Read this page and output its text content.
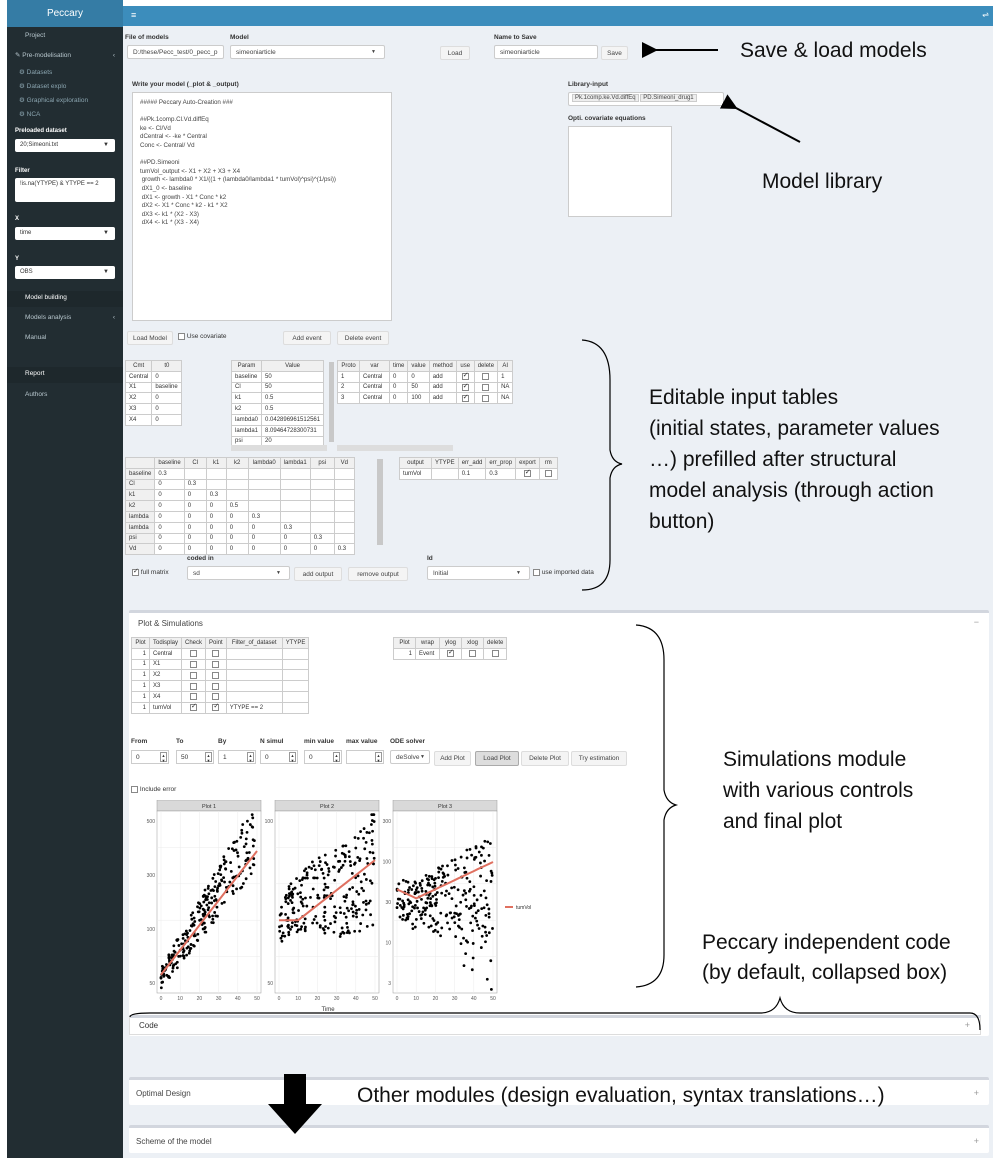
Project
✎ Pre-modelisation	‹
⚙ Datasets
⚙ Dataset explo
⚙ Graphical exploration
⚙ NCA
Preloaded dataset
20;Simeoni.txt	▼
Filter
!is.na(YTYPE) & YTYPE == 2
X
time	▼
Y
OBS	▼
Model building
Models analysis	‹
Manual
Report
Authors
Peccary	≡	⇌
File of models
D:/these/Pecc_test/0_pecc_p
Model
simeoniarticle	▼	Load
Name to Save
simeoniarticle	Save
Write your model (_plot & _output)
##### Peccary Auto-Creation ###

##Pk.1comp.Cl.Vd.diffEq
ke <- Cl/Vd
dCentral <- -ke * Central
Conc <- Central/ Vd

##PD.Simeoni
tumVol_output <- X1 + X2 + X3 + X4
growth <- lambda0 * X1/((1 + (lambda0/lambda1 * tumVol)^psi)^(1/psi))
dX1_0 <- baseline
dX1 <- growth - X1 * Conc * k2
dX2 <- X1 * Conc * k2 - k1 * X2
dX3 <- k1 * (X2 - X3)
dX4 <- k1 * (X3 - X4)
Library-input
Pk.1comp.ke.Vd.diffEq PD.Simeoni_drug1
Opti. covariate equations
Load Model	Use covariate	Add event	Delete event
Cmt	t0
Central	0
X1	baseline
X2	0
X3	0
X4	0
Param	Value
baseline	50
Cl	50
k1	0.5
k2	0.5
lambda0	0.042896961512561
lambda1	8.09464728300731
psi	20
Proto	var	time	value	method	use	delete	AI
1	Central	0	0	add	✓		1
2	Central	0	50	add	✓		NA
3	Central	0	100	add	✓		NA
	baseline	Cl	k1	k2	lambda0	lambda1	psi	Vd
baseline	0.3							
Cl	0	0.3						
k1	0	0	0.3					
k2	0	0	0	0.5				
lambda	0	0	0	0	0.3			
lambda	0	0	0	0	0	0.3		
psi	0	0	0	0	0	0	0.3	
Vd	0	0	0	0	0	0	0	0.3
output	YTYPE	err_add	err_prop	export	rm
tumVol		0.1	0.3	✓	
✓ full matrix
coded in
sd	▼	add output	remove output
Id
Initial	▼	use imported data
Plot & Simulations	−
Plot	Todisplay	Check	Point	Filter_of_dataset	YTYPE
1	Central				
1	X1				
1	X2				
1	X3				
1	X4				
1	tumVol	✓	✓	YTYPE == 2	
Plot	wrap	ylog	xlog	delete
1	Event	✓		
From
0	▲
▼
To
50	▲
▼
By
1	▲
▼
N simul
0	▲
▼
min value
0	▲
▼
max value
▲
▼
ODE solver
deSolve ▼	Add Plot	Load Plot	Delete Plot	Try estimation
Include error
Plot 1
0	10	20	30	40	50
500
300
100
50
Plot 2
0	10	20	30	40	50
100
50
Plot 3
0	10	20	30	40	50
300
100
30
10
3
Time
tumVol
Code	+
Optimal Design	+
Scheme of the model	+
Save & load models
Model library
Editable input tables
(initial states, parameter values
…) prefilled after structural
model analysis (through action
button)
Simulations module
with various controls
and final plot
Peccary independent code
(by default, collapsed box)
Other modules (design evaluation, syntax translations…)
